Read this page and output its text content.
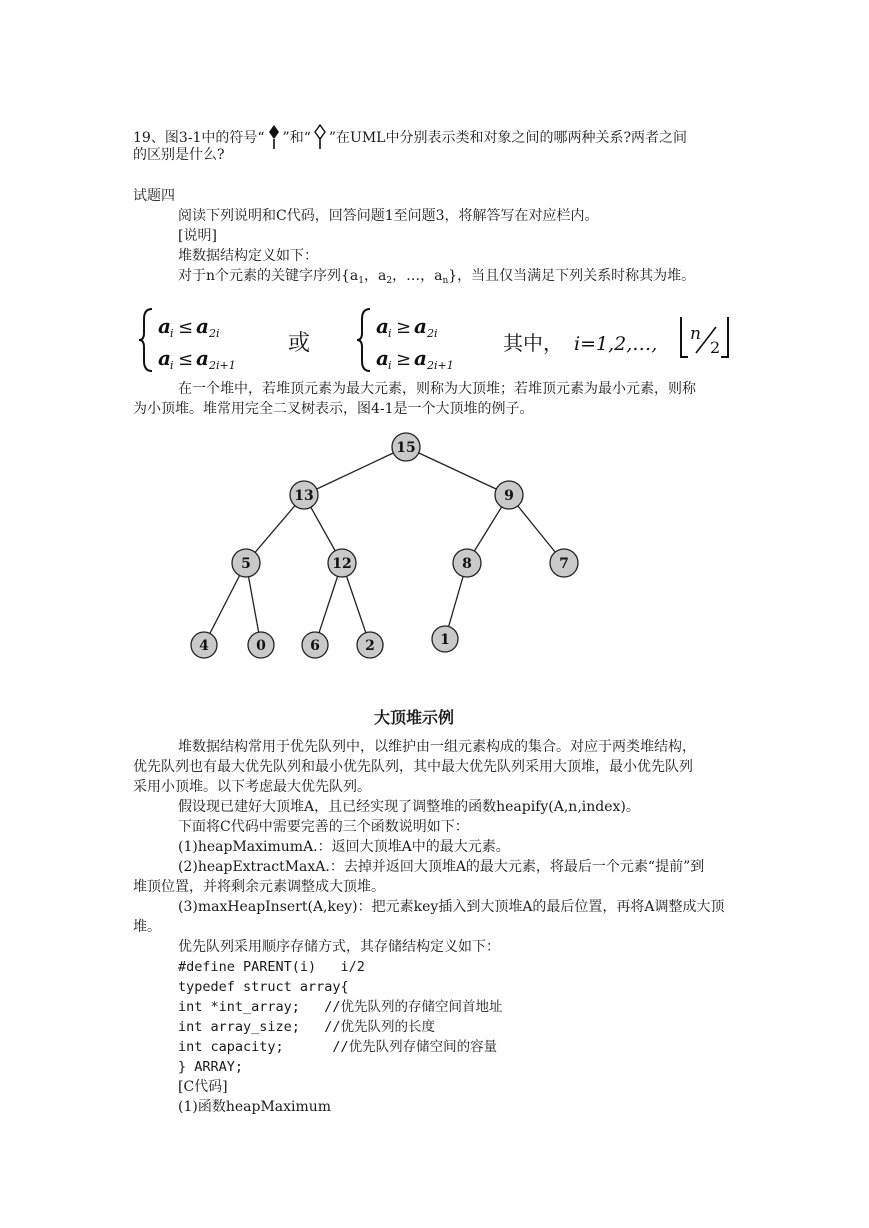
19、图3-1中的符号“ ”和“ ”在UML中分别表示类和对象之间的哪两种关系?两者之间
的区别是什么?
试题四
阅读下列说明和C代码，回答问题1至问题3，将解答写在对应栏内。
[说明]
堆数据结构定义如下：
对于n个元素的关键字序列{$a_1$，$a_2$，…，$a_n$}，当且仅当满足下列关系时称其为堆。
a i ≤ a 2i
a i ≤ a 2i+1
或
a i ≥ a 2i
a i ≥ a 2i+1
其中， i=1,2,…, n
2
在一个堆中，若堆顶元素为最大元素，则称为大顶堆；若堆顶元素为最小元素，则称
为小顶堆。堆常用完全二叉树表示，图4-1是一个大顶堆的例子。
15
13	9
5	12	8	7
4	0	6	2	1
大顶堆示例
堆数据结构常用于优先队列中，以维护由一组元素构成的集合。对应于两类堆结构，
优先队列也有最大优先队列和最小优先队列，其中最大优先队列采用大顶堆，最小优先队列
采用小顶堆。以下考虑最大优先队列。
假设现已建好大顶堆A，且已经实现了调整堆的函数heapify(A,n,index)。
下面将C代码中需要完善的三个函数说明如下：
(1)heapMaximumA.：返回大顶堆A中的最大元素。
(2)heapExtractMaxA.：去掉并返回大顶堆A的最大元素，将最后一个元素“提前”到
堆顶位置，并将剩余元素调整成大顶堆。
(3)maxHeapInsert(A,key)：把元素key插入到大顶堆A的最后位置，再将A调整成大顶
堆。
优先队列采用顺序存储方式，其存储结构定义如下：
#define PARENT(i)   i/2
typedef struct array{
int *int_array;   //优先队列的存储空间首地址
int array_size;   //优先队列的长度
int capacity;      //优先队列存储空间的容量
} ARRAY;
[C代码]
(1)函数heapMaximum
